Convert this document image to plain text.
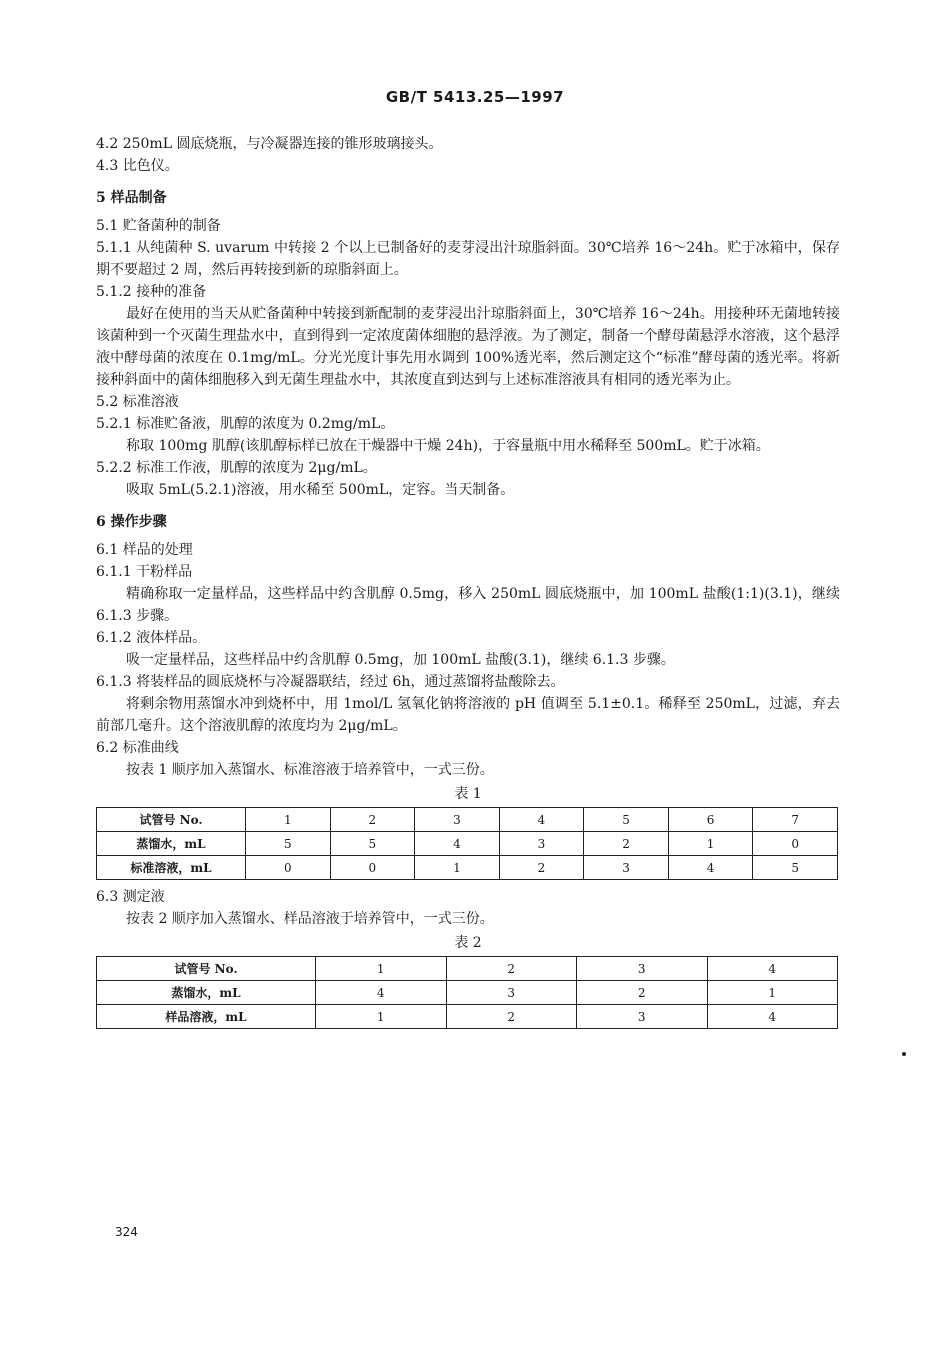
GB/T 5413.25—1997
4.2 250mL 圆底烧瓶，与冷凝器连接的锥形玻璃接头。
4.3 比色仪。
5 样品制备
5.1 贮备菌种的制备
5.1.1 从纯菌种 S. uvarum 中转接 2 个以上已制备好的麦芽浸出汁琼脂斜面。30℃培养 16～24h。贮于冰箱中，保存期不要超过 2 周，然后再转接到新的琼脂斜面上。
5.1.2 接种的准备
最好在使用的当天从贮备菌种中转接到新配制的麦芽浸出汁琼脂斜面上，30℃培养 16～24h。用接种环无菌地转接该菌种到一个灭菌生理盐水中，直到得到一定浓度菌体细胞的悬浮液。为了测定，制备一个酵母菌悬浮水溶液，这个悬浮液中酵母菌的浓度在 0.1mg/mL。分光光度计事先用水调到 100%透光率，然后测定这个“标准”酵母菌的透光率。将新接种斜面中的菌体细胞移入到无菌生理盐水中，其浓度直到达到与上述标准溶液具有相同的透光率为止。
5.2 标准溶液
5.2.1 标准贮备液，肌醇的浓度为 0.2mg/mL。
称取 100mg 肌醇(该肌醇标样已放在干燥器中干燥 24h)，于容量瓶中用水稀释至 500mL。贮于冰箱。
5.2.2 标准工作液，肌醇的浓度为 2μg/mL。
吸取 5mL(5.2.1)溶液，用水稀至 500mL，定容。当天制备。
6 操作步骤
6.1 样品的处理
6.1.1 干粉样品
精确称取一定量样品，这些样品中约含肌醇 0.5mg，移入 250mL 圆底烧瓶中，加 100mL 盐酸(1:1)(3.1)，继续 6.1.3 步骤。
6.1.2 液体样品。
吸一定量样品，这些样品中约含肌醇 0.5mg，加 100mL 盐酸(3.1)，继续 6.1.3 步骤。
6.1.3 将装样品的圆底烧杯与冷凝器联结，经过 6h，通过蒸馏将盐酸除去。
将剩余物用蒸馏水冲到烧杯中，用 1mol/L 氢氧化钠将溶液的 pH 值调至 5.1±0.1。稀释至 250mL，过滤，弃去前部几毫升。这个溶液肌醇的浓度均为 2μg/mL。
6.2 标准曲线
按表 1 顺序加入蒸馏水、标准溶液于培养管中，一式三份。
表 1
试管号 No.	1	2	3	4	5	6	7
蒸馏水，mL	5	5	4	3	2	1	0
标准溶液，mL	0	0	1	2	3	4	5
6.3 测定液
按表 2 顺序加入蒸馏水、样品溶液于培养管中，一式三份。
表 2
试管号 No.	1	2	3	4
蒸馏水，mL	4	3	2	1
样品溶液，mL	1	2	3	4
324
